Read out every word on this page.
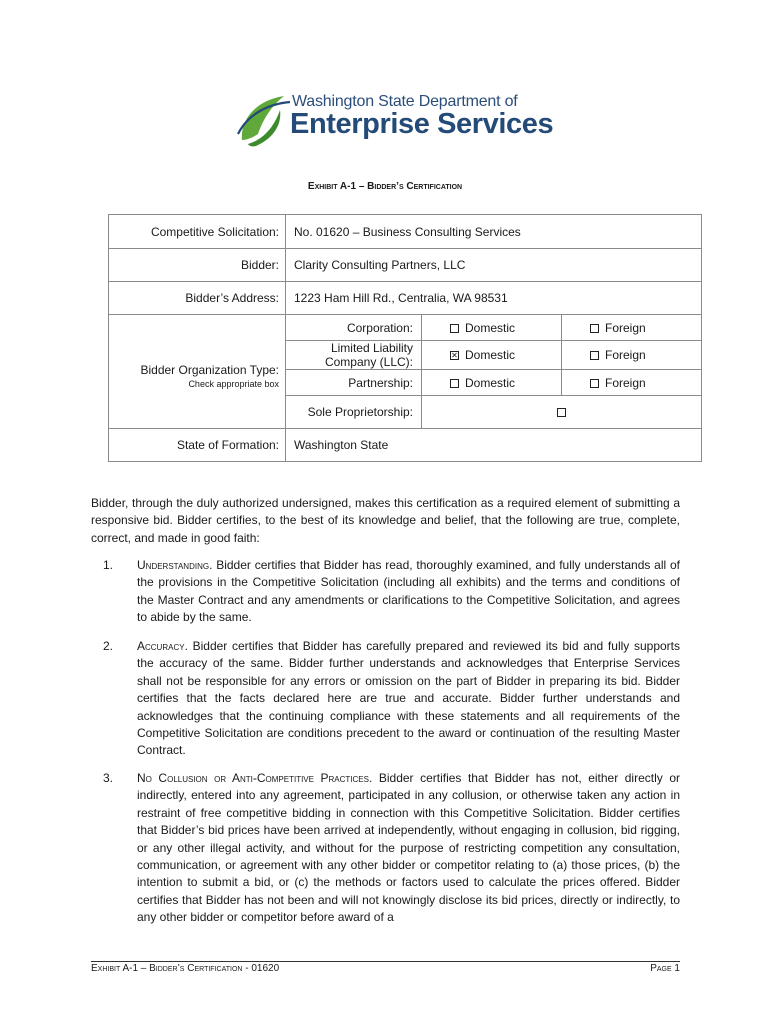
Washington State Department of
Enterprise Services
Exhibit A-1 – Bidder’s Certification
Competitive Solicitation:	No. 01620 – Business Consulting Services		
Bidder:	Clarity Consulting Partners, LLC		
Bidder’s Address:	1223 Ham Hill Rd., Centralia, WA 98531		
Bidder Organization Type:
Check appropriate box	Corporation:	Domestic	Foreign
	Limited Liability Company (LLC):	✕Domestic	Foreign
	Partnership:	Domestic	Foreign
	Sole Proprietorship:		
State of Formation:	Washington State		
Bidder, through the duly authorized undersigned, makes this certification as a required element of submitting a responsive bid. Bidder certifies, to the best of its knowledge and belief, that the following are true, complete, correct, and made in good faith:
1. Understanding. Bidder certifies that Bidder has read, thoroughly examined, and fully understands all of the provisions in the Competitive Solicitation (including all exhibits) and the terms and conditions of the Master Contract and any amendments or clarifications to the Competitive Solicitation, and agrees to abide by the same.
2. Accuracy. Bidder certifies that Bidder has carefully prepared and reviewed its bid and fully supports the accuracy of the same. Bidder further understands and acknowledges that Enterprise Services shall not be responsible for any errors or omission on the part of Bidder in preparing its bid. Bidder certifies that the facts declared here are true and accurate. Bidder further understands and acknowledges that the continuing compliance with these statements and all requirements of the Competitive Solicitation are conditions precedent to the award or continuation of the resulting Master Contract.
3. No Collusion or Anti-Competitive Practices. Bidder certifies that Bidder has not, either directly or indirectly, entered into any agreement, participated in any collusion, or otherwise taken any action in restraint of free competitive bidding in connection with this Competitive Solicitation. Bidder certifies that Bidder’s bid prices have been arrived at independently, without engaging in collusion, bid rigging, or any other illegal activity, and without for the purpose of restricting competition any consultation, communication, or agreement with any other bidder or competitor relating to (a) those prices, (b) the intention to submit a bid, or (c) the methods or factors used to calculate the prices offered. Bidder certifies that Bidder has not been and will not knowingly disclose its bid prices, directly or indirectly, to any other bidder or competitor before award of a
Exhibit A-1 – Bidder’s Certification - 01620	Page 1
